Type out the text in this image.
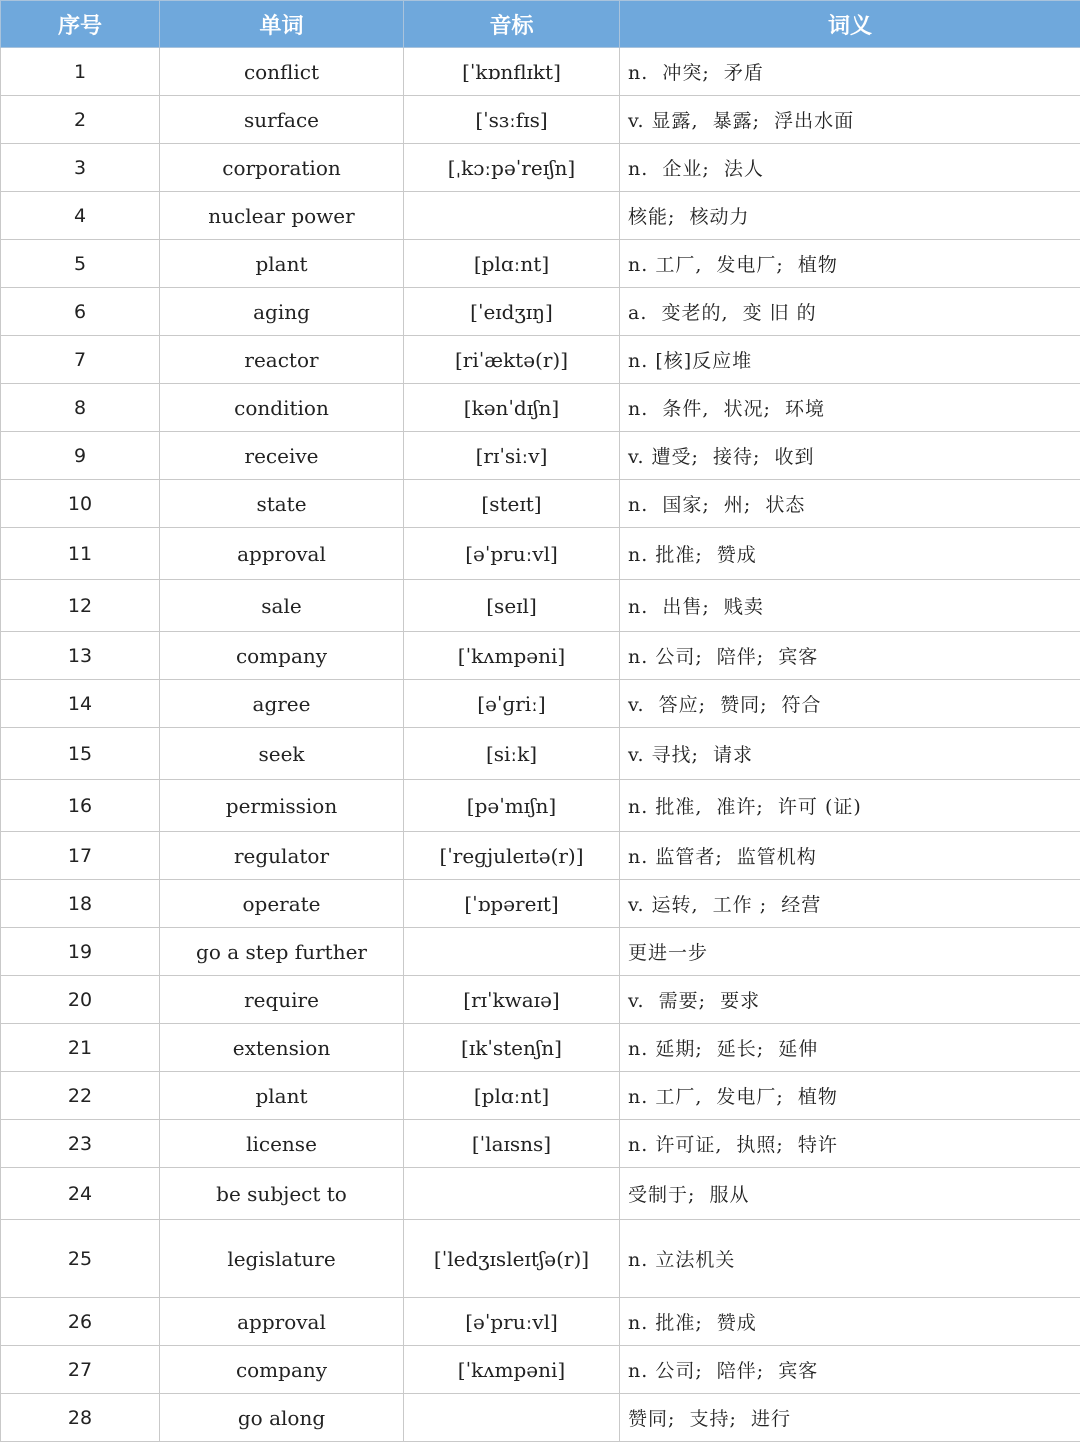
序号	单词	音标	词义
1	conflict	[ˈkɒnflɪkt]	n.  冲突;  矛盾
2	surface	[ˈsɜːfɪs]	v. 显露,  暴露;  浮出水面
3	corporation	[ˌkɔːpəˈreɪʃn]	n.  企业;  法人
4	nuclear power		核能;  核动力
5	plant	[plɑːnt]	n. 工厂,  发电厂;  植物
6	aging	[ˈeɪdʒɪŋ]	a.  变老的,  变 旧 的
7	reactor	[riˈæktə(r)]	n. [核]反应堆
8	condition	[kənˈdɪʃn]	n.  条件,  状况;  环境
9	receive	[rɪˈsiːv]	v. 遭受;  接待;  收到
10	state	[steɪt]	n.  国家;  州;  状态
11	approval	[əˈpruːvl]	n. 批准;  赞成
12	sale	[seɪl]	n.  出售;  贱卖
13	company	[ˈkʌmpəni]	n. 公司;  陪伴;  宾客
14	agree	[əˈɡriː]	v.  答应;  赞同;  符合
15	seek	[siːk]	v. 寻找;  请求
16	permission	[pəˈmɪʃn]	n. 批准,  准许;  许可 (证)
17	regulator	[ˈreɡjuleɪtə(r)]	n. 监管者;  监管机构
18	operate	[ˈɒpəreɪt]	v. 运转,  工作 ;  经营
19	go a step further		更进一步
20	require	[rɪˈkwaɪə]	v.  需要;  要求
21	extension	[ɪkˈstenʃn]	n. 延期;  延长;  延伸
22	plant	[plɑːnt]	n. 工厂,  发电厂;  植物
23	license	[ˈlaɪsns]	n. 许可证,  执照;  特许
24	be subject to		受制于;  服从
25	legislature	[ˈledʒɪsleɪtʃə(r)]	n. 立法机关
26	approval	[əˈpruːvl]	n. 批准;  赞成
27	company	[ˈkʌmpəni]	n. 公司;  陪伴;  宾客
28	go along		赞同;  支持;  进行
